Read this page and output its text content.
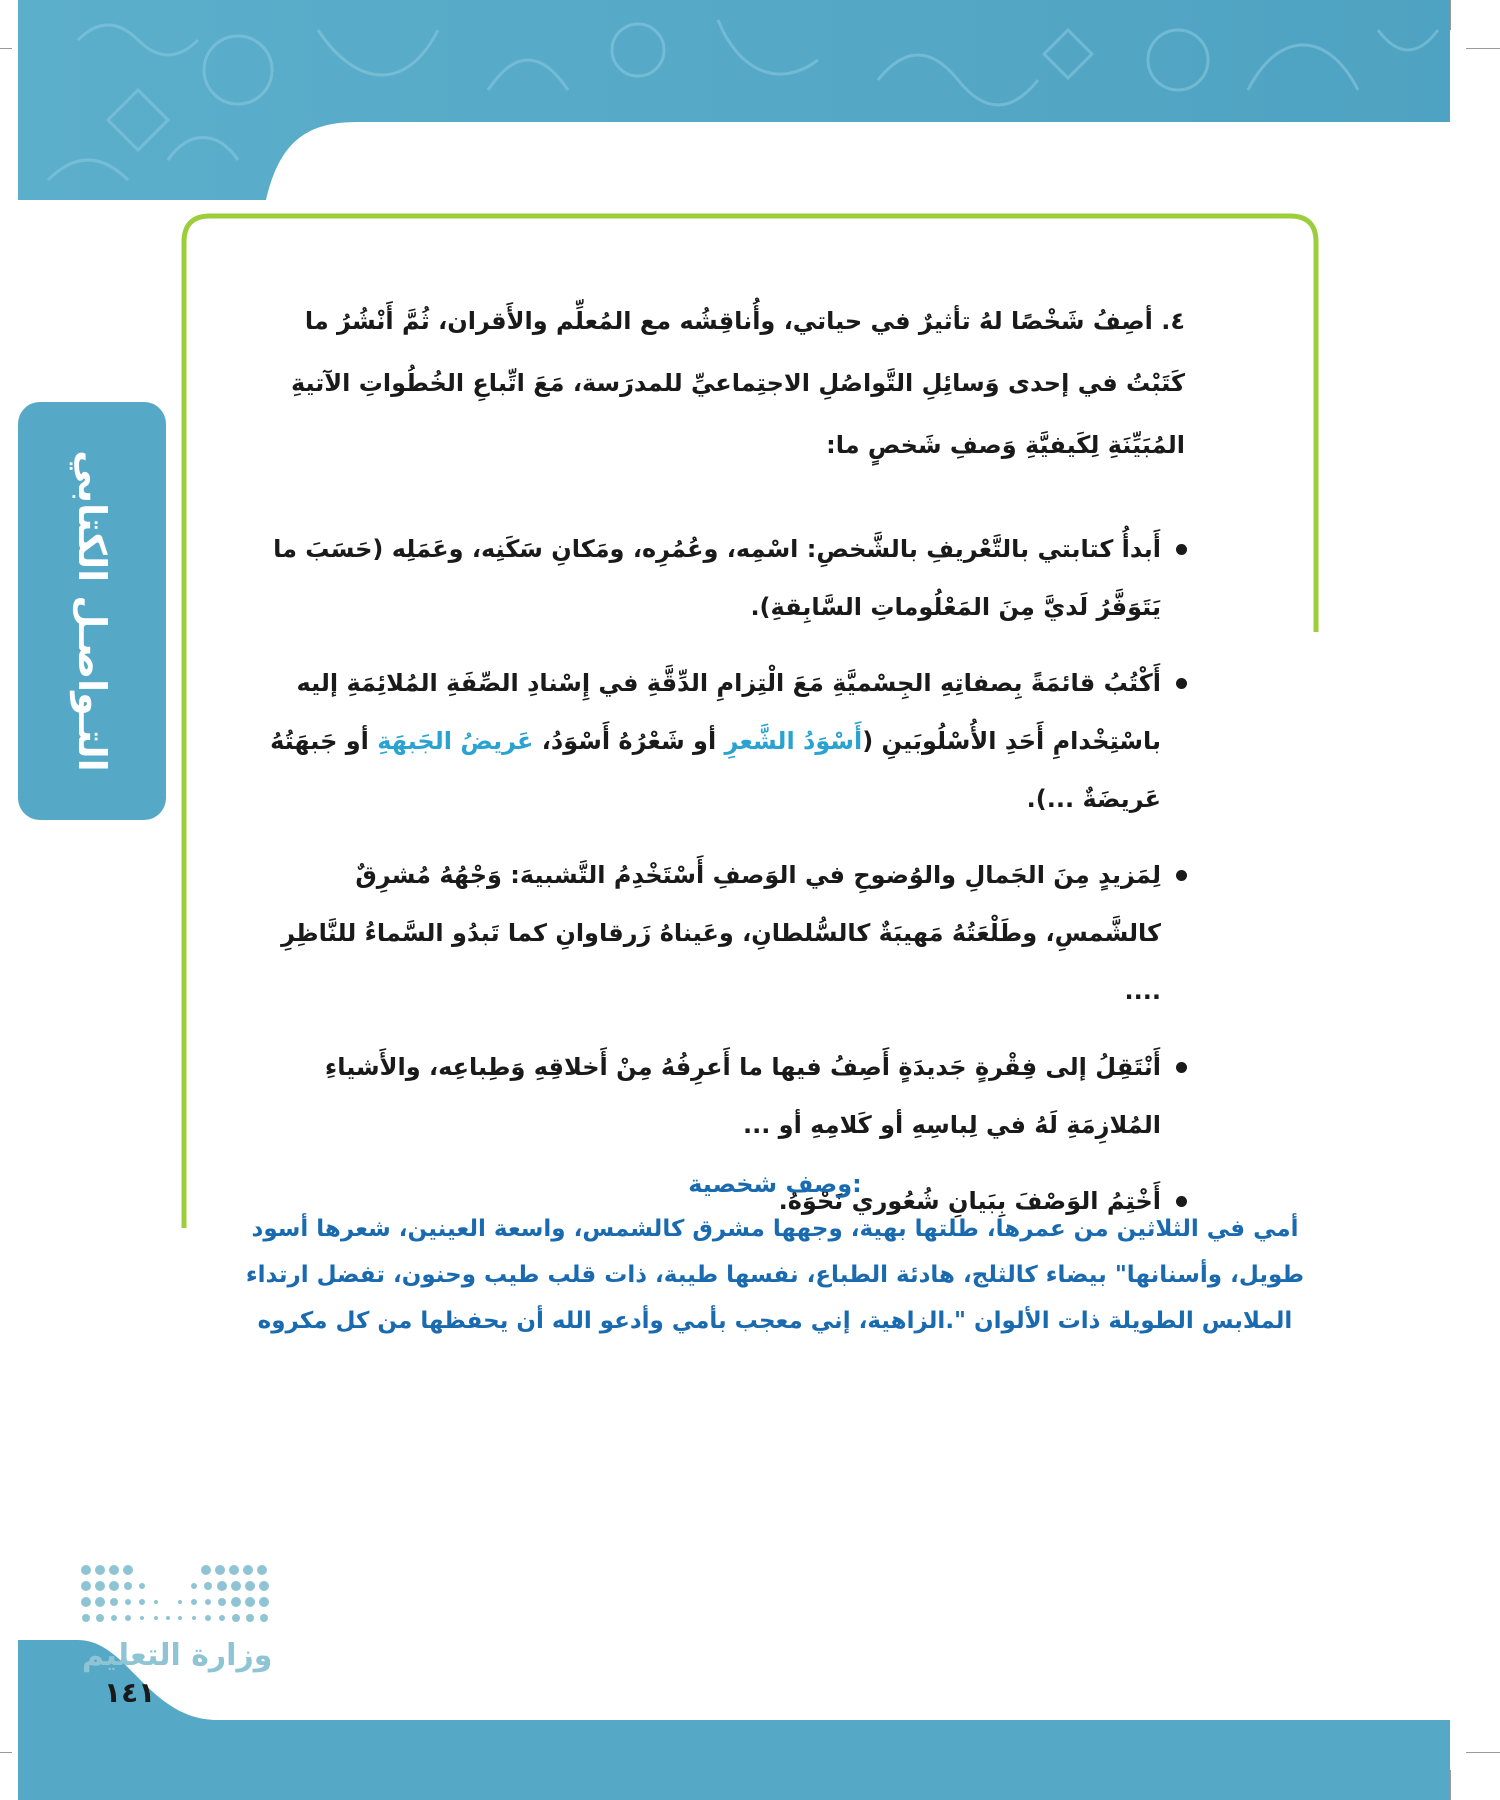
التـواصـل الكتابي

٤. أصِفُ شَخْصًا لهُ تأثيرٌ في حياتي، وأُناقِشُه مع المُعلِّم والأَقران، ثُمَّ أَنْشُرُ ما كَتَبْتُ في إحدى وَسائِلِ التَّواصُلِ الاجتِماعيِّ للمدرَسة، مَعَ اتِّباعِ الخُطُواتِ الآتيةِ المُبَيِّنَةِ لِكَيفيَّةِ وَصفِ شَخصٍ ما:

أَبدأُ كتابتي بالتَّعْريفِ بالشَّخصِ: اسْمِه، وعُمُرِه، ومَكانِ سَكَنِه، وعَمَلِه (حَسَبَ ما يَتَوَفَّرُ لَديَّ مِنَ المَعْلُوماتِ السَّابِقةِ).
أَكْتُبُ قائمَةً بِصفاتِهِ الجِسْميَّةِ مَعَ الْتِزامِ الدِّقَّةِ في إِسْنادِ الصِّفَةِ المُلائِمَةِ إليه باسْتِخْدامِ أَحَدِ الأُسْلُوبَينِ (أَسْوَدُ الشَّعرِ أو شَعْرُهُ أَسْوَدُ، عَريضُ الجَبهَةِ أو جَبهَتُهُ عَريضَةٌ ...).
لِمَزيدٍ مِنَ الجَمالِ والوُضوحِ في الوَصفِ أَسْتَخْدِمُ التَّشبيهَ: وَجْهُهُ مُشرِقٌ كالشَّمسِ، وطَلْعَتُهُ مَهيبَةٌ كالسُّلطانِ، وعَيناهُ زَرقاوانِ كما تَبدُو السَّماءُ للنَّاظِرِ ....
أَنْتَقِلُ إلى فِقْرةٍ جَديدَةٍ أَصِفُ فيها ما أَعرِفُهُ مِنْ أَخلاقِهِ وَطِباعِه، والأَشياءِ المُلازِمَةِ لَهُ في لِباسِهِ أو كَلامِهِ أو ...
أَخْتِمُ الوَصْفَ بِبَيانِ شُعُوري نَحْوَهُ.

:وصف شخصية

أمي في الثلاثين من عمرها، طلتها بهية، وجهها مشرق كالشمس، واسعة العينين، شعرها أسود طويل، وأسنانها" بيضاء كالثلج، هادئة الطباع، نفسها طيبة، ذات قلب طيب وحنون، تفضل ارتداء الملابس الطويلة ذات الألوان ".الزاهية، إني معجب بأمي وأدعو الله أن يحفظها من كل مكروه

وزارة التعليم
١٤١
